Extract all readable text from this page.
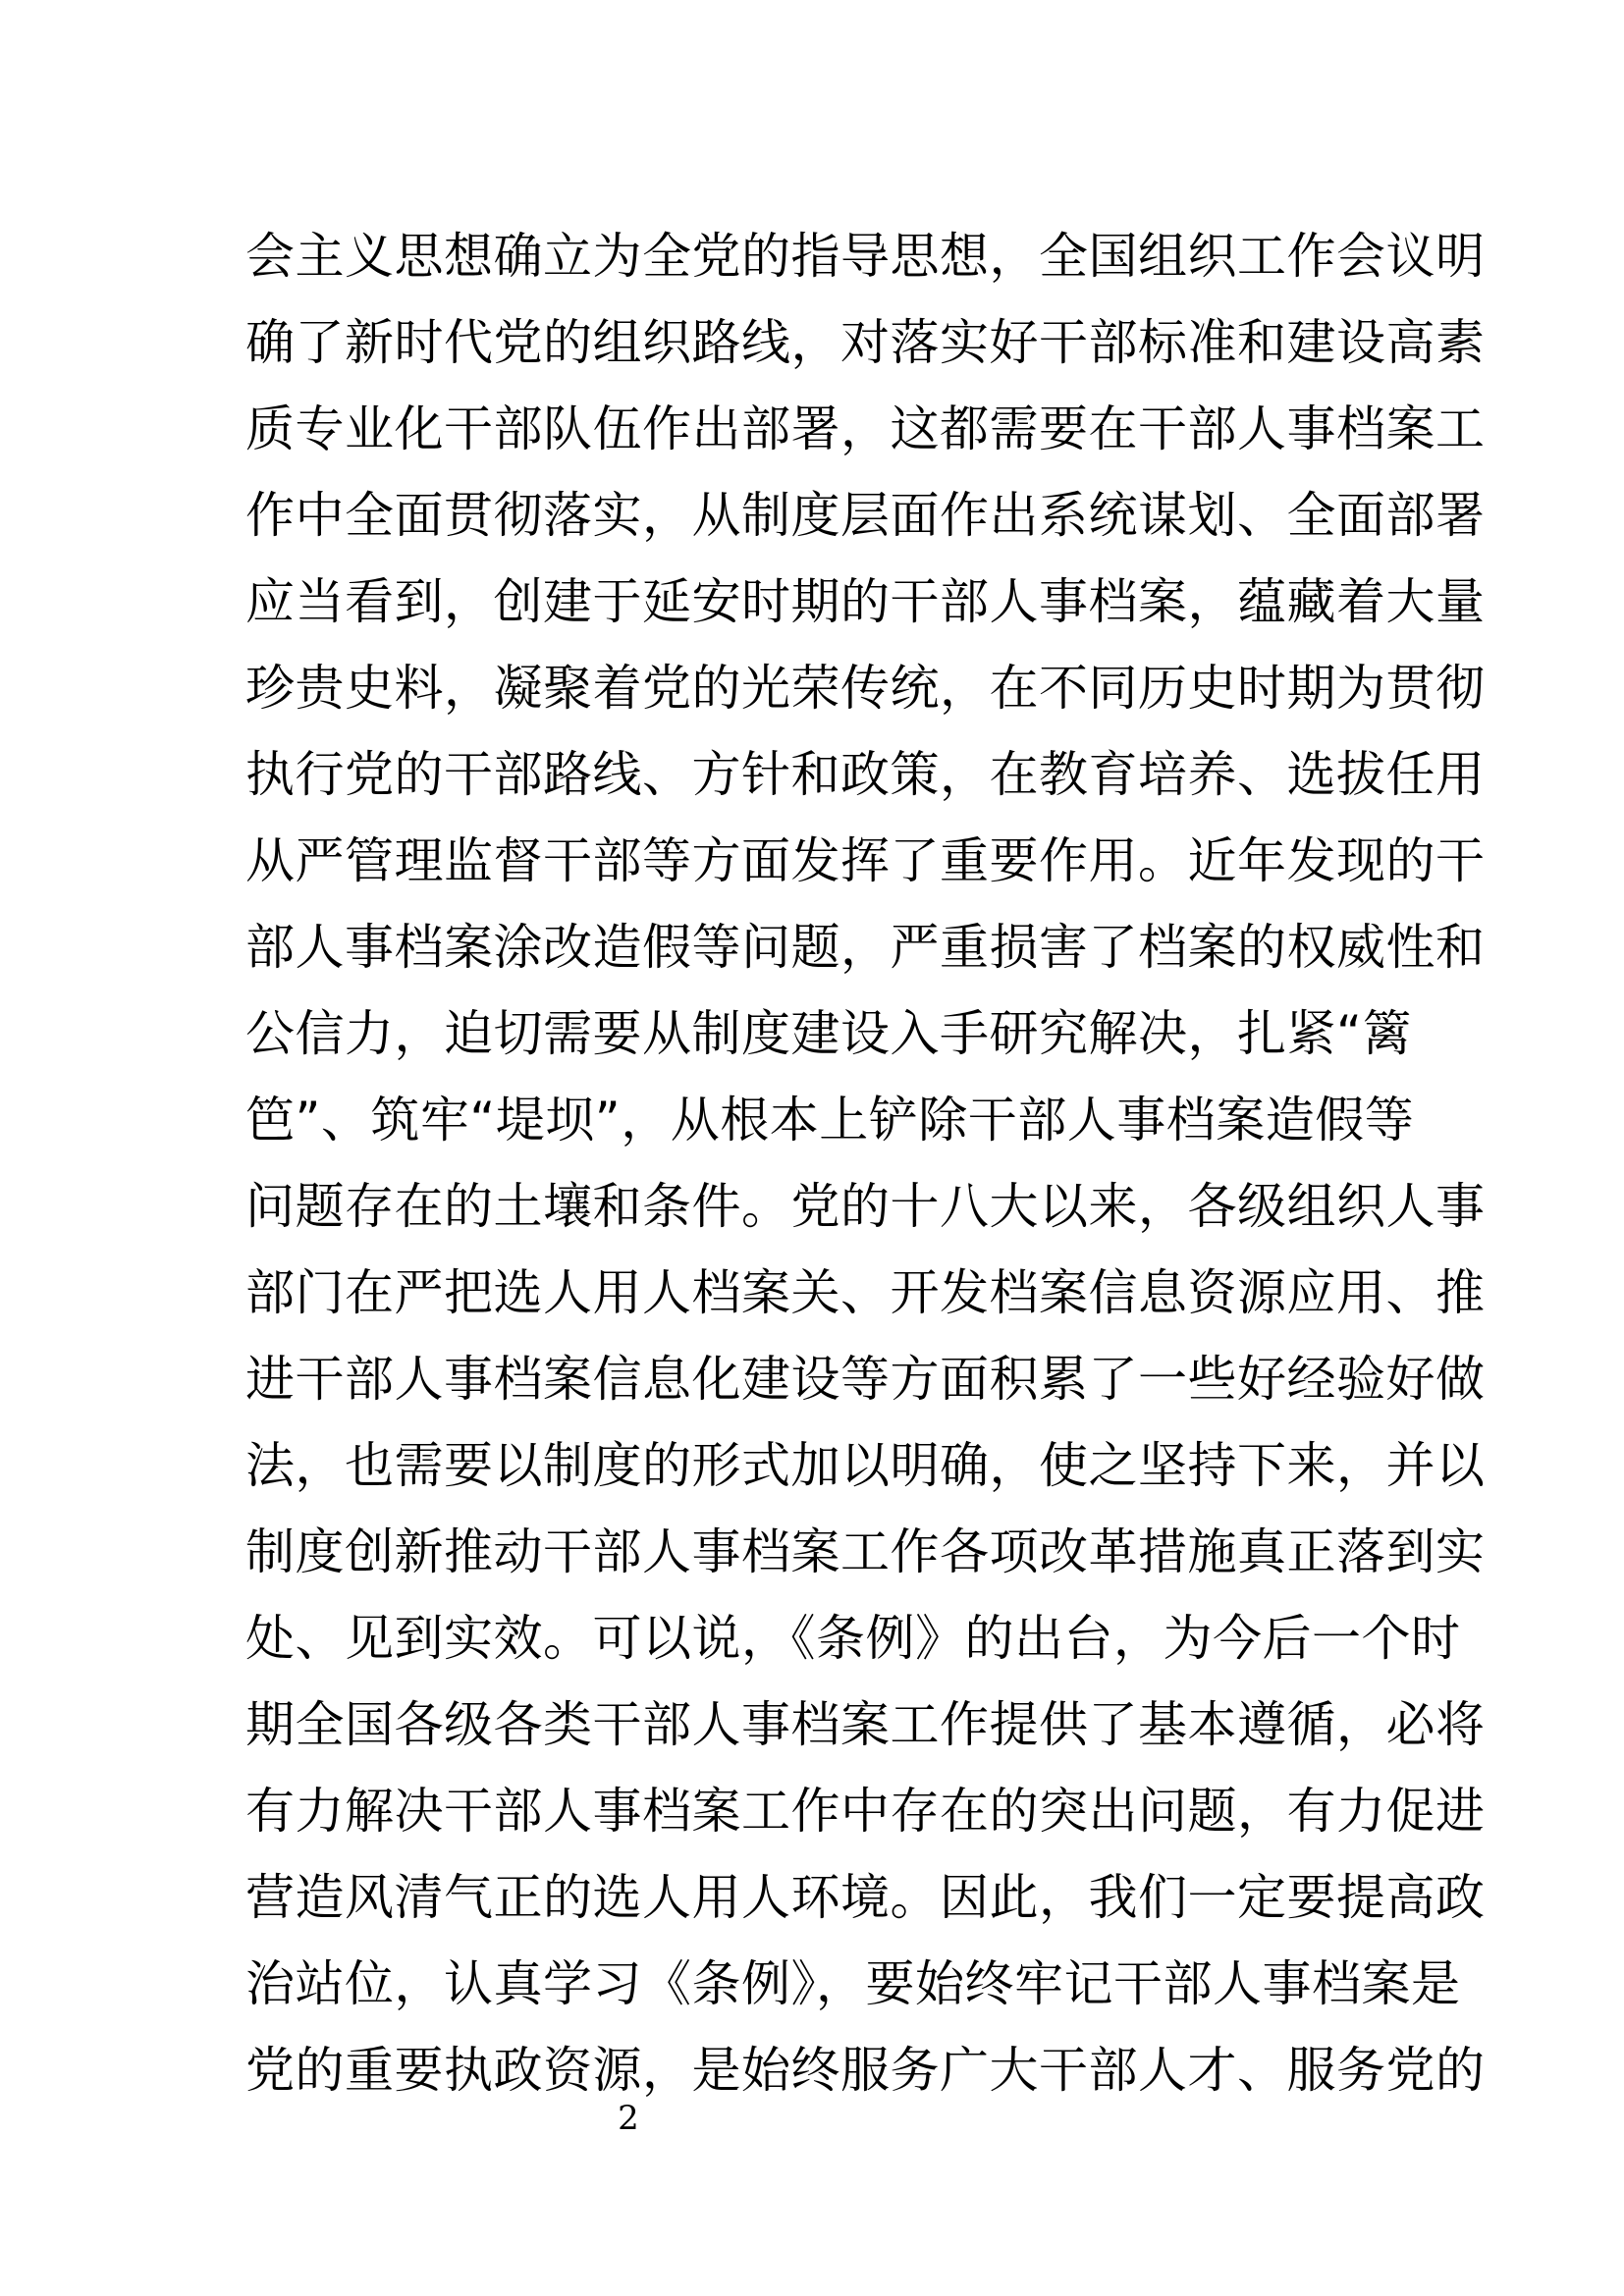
会主义思想确立为全党的指导思想，全国组织工作会议明
确了新时代党的组织路线，对落实好干部标准和建设高素
质专业化干部队伍作出部署，这都需要在干部人事档案工
作中全面贯彻落实，从制度层面作出系统谋划、全面部署
应当看到，创建于延安时期的干部人事档案，蕴藏着大量
珍贵史料，凝聚着党的光荣传统，在不同历史时期为贯彻
执行党的干部路线、方针和政策，在教育培养、选拔任用
从严管理监督干部等方面发挥了重要作用。近年发现的干
部人事档案涂改造假等问题，严重损害了档案的权威性和
公信力，迫切需要从制度建设入手研究解决，扎紧“篱
笆”、筑牢“堤坝”，从根本上铲除干部人事档案造假等
问题存在的土壤和条件。党的十八大以来，各级组织人事
部门在严把选人用人档案关、开发档案信息资源应用、推
进干部人事档案信息化建设等方面积累了一些好经验好做
法，也需要以制度的形式加以明确，使之坚持下来，并以
制度创新推动干部人事档案工作各项改革措施真正落到实
处、见到实效。可以说，《条例》的出台，为今后一个时
期全国各级各类干部人事档案工作提供了基本遵循，必将
有力解决干部人事档案工作中存在的突出问题，有力促进
营造风清气正的选人用人环境。因此，我们一定要提高政
治站位，认真学习《条例》，要始终牢记干部人事档案是
党的重要执政资源，是始终服务广大干部人才、服务党的
2
